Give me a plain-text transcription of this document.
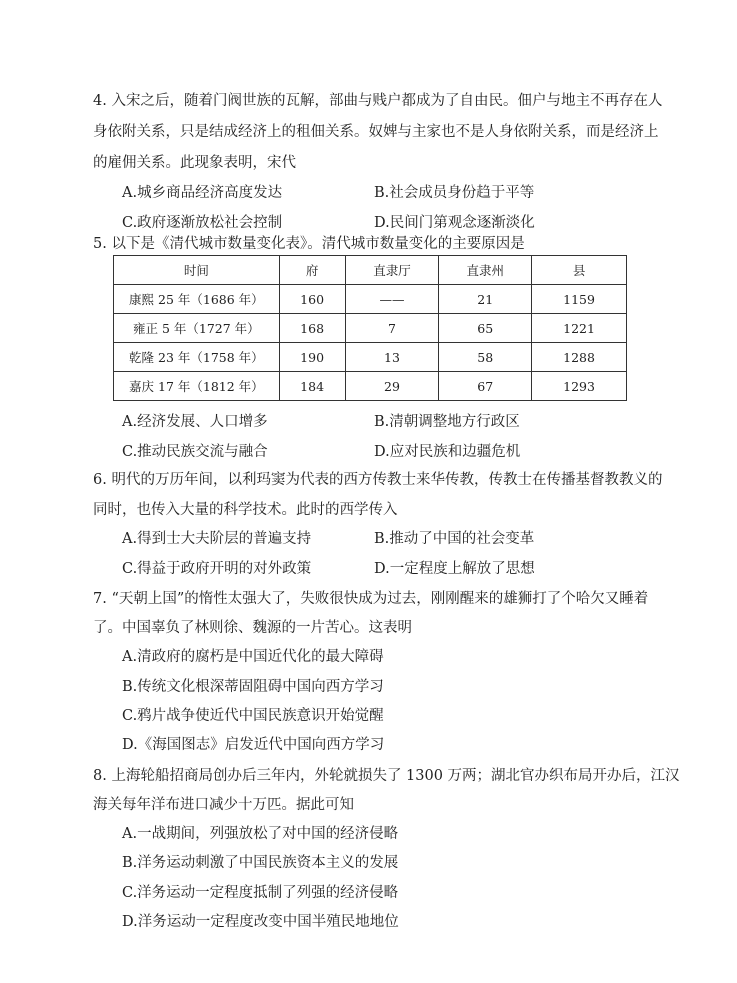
4. 入宋之后，随着门阀世族的瓦解，部曲与贱户都成为了自由民。佃户与地主不再存在人
身依附关系，只是结成经济上的租佃关系。奴婢与主家也不是人身依附关系，而是经济上
的雇佣关系。此现象表明，宋代
A.城乡商品经济高度发达	B.社会成员身份趋于平等
C.政府逐渐放松社会控制	D.民间门第观念逐渐淡化
5. 以下是《清代城市数量变化表》。清代城市数量变化的主要原因是
时间	府	直隶厅	直隶州	县
康熙 25 年（1686 年）	160	——	21	1159
雍正 5 年（1727 年）	168	7	65	1221
乾隆 23 年（1758 年）	190	13	58	1288
嘉庆 17 年（1812 年）	184	29	67	1293
A.经济发展、人口增多	B.清朝调整地方行政区
C.推动民族交流与融合	D.应对民族和边疆危机
6. 明代的万历年间，以利玛窦为代表的西方传教士来华传教，传教士在传播基督教教义的
同时，也传入大量的科学技术。此时的西学传入
A.得到士大夫阶层的普遍支持	B.推动了中国的社会变革
C.得益于政府开明的对外政策	D.一定程度上解放了思想
7. “天朝上国”的惰性太强大了，失败很快成为过去，刚刚醒来的雄狮打了个哈欠又睡着
了。中国辜负了林则徐、魏源的一片苦心。这表明
A.清政府的腐朽是中国近代化的最大障碍
B.传统文化根深蒂固阻碍中国向西方学习
C.鸦片战争使近代中国民族意识开始觉醒
D.《海国图志》启发近代中国向西方学习
8. 上海轮船招商局创办后三年内，外轮就损失了 1300 万两；湖北官办织布局开办后，江汉
海关每年洋布进口减少十万匹。据此可知
A.一战期间，列强放松了对中国的经济侵略
B.洋务运动刺激了中国民族资本主义的发展
C.洋务运动一定程度抵制了列强的经济侵略
D.洋务运动一定程度改变中国半殖民地地位
